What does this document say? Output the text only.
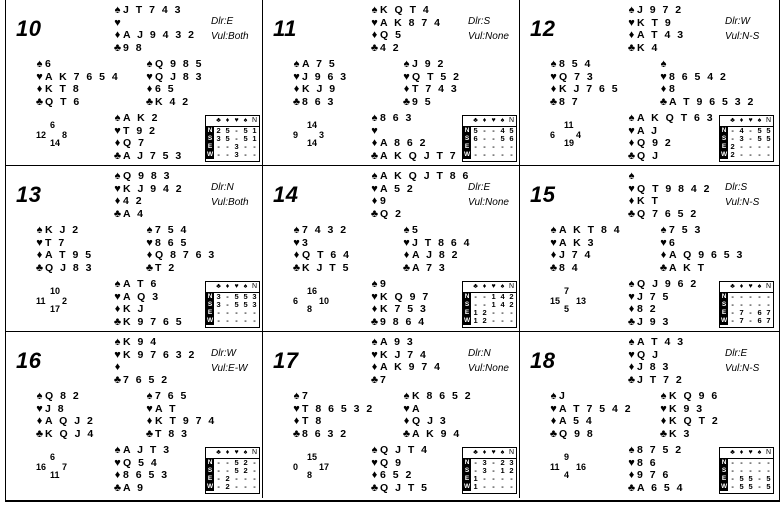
10	Dlr:E
Vul:Both
♠ J T 7 4 3
♥
♦ A J 9 4 3 2
♣ 9 8
♠ 6
♥ A K 7 6 5 4
♦ K T 8
♣ Q T 6
♠ Q 9 8 5
♥ Q J 8 3
♦ 6 5
♣ K 4 2
♠ A K 2
♥ T 9 2
♦ Q 7
♣ A J 7 5 3
6
12 8
14
♣ ♦ ♥ ♠ N
N 2 5 - 5 1
S 3 5 - 5 1
E - - 3 - -
W - - 3 - -
11	Dlr:S
Vul:None
♠ K Q T 4
♥ A K 8 7 4
♦ Q 5
♣ 4 2
♠ A 7 5
♥ J 9 6 3
♦ K J 9
♣ 8 6 3
♠ J 9 2
♥ Q T 5 2
♦ T 7 4 3
♣ 9 5
♠ 8 6 3
♥
♦ A 8 6 2
♣ A K Q J T 7
14
9 3
14
♣ ♦ ♥ ♠ N
N 5 - - 4 5
S 6 - - 5 6
E - - - - -
W - - - - -
12	Dlr:W
Vul:N-S
♠ J 9 7 2
♥ K T 9
♦ A T 4 3
♣ K 4
♠ 8 5 4
♥ Q 7 3
♦ K J 7 6 5
♣ 8 7
♠
♥ 8 6 5 4 2
♦ 8
♣ A T 9 6 5 3 2
♠ A K Q T 6 3
♥ A J
♦ Q 9 2
♣ Q J
11
6 4
19
♣ ♦ ♥ ♠ N
N - 4 - 5 5
S - 3 - 5 5
E 2 - - - -
W 2 - - - -
13	Dlr:N
Vul:Both
♠ Q 9 8 3
♥ K J 9 4 2
♦ 4 2
♣ A 4
♠ K J 2
♥ T 7
♦ A T 9 5
♣ Q J 8 3
♠ 7 5 4
♥ 8 6 5
♦ Q 8 7 6 3
♣ T 2
♠ A T 6
♥ A Q 3
♦ K J
♣ K 9 7 6 5
10
11 2
17
♣ ♦ ♥ ♠ N
N 3 - 5 5 3
S 3 - 5 5 3
E - - - - -
W - - - - -
14	Dlr:E
Vul:None
♠ A K Q J T 8 6
♥ A 5 2
♦ 9
♣ Q 2
♠ 7 4 3 2
♥ 3
♦ Q T 6 4
♣ K J T 5
♠ 5
♥ J T 8 6 4
♦ A J 8 2
♣ A 7 3
♠ 9
♥ K Q 9 7
♦ K 7 5 3
♣ 9 8 6 4
16
6 10
8
♣ ♦ ♥ ♠ N
N - - 1 4 2
S - - 1 4 2
E 1 2 - - -
W 1 2 - - -
15	Dlr:S
Vul:N-S
♠
♥ Q T 9 8 4 2
♦ K T
♣ Q 7 6 5 2
♠ A K T 8 4
♥ A K 3
♦ J 7 4
♣ 8 4
♠ 7 5 3
♥ 6
♦ A Q 9 6 5 3
♣ A K T
♠ Q J 9 6 2
♥ J 7 5
♦ 8 2
♣ J 9 3
7
15 13
5
♣ ♦ ♥ ♠ N
N - - - - -
S - - - - -
E - 7 - 6 7
W - 7 - 6 7
16	Dlr:W
Vul:E-W
♠ K 9 4
♥ K 9 7 6 3 2
♦
♣ 7 6 5 2
♠ Q 8 2
♥ J 8
♦ A Q J 2
♣ K Q J 4
♠ 7 6 5
♥ A T
♦ K T 9 7 4
♣ T 8 3
♠ A J T 3
♥ Q 5 4
♦ 8 6 5 3
♣ A 9
6
16 7
11
♣ ♦ ♥ ♠ N
N - - 5 2 -
S - - 5 2 -
E - 2 - - -
W - 2 - - -
17	Dlr:N
Vul:None
♠ A 9 3
♥ K J 7 4
♦ A K 9 7 4
♣ 7
♠ 7
♥ T 8 6 5 3 2
♦ T 8
♣ 8 6 3 2
♠ K 8 6 5 2
♥ A
♦ Q J 3
♣ A K 9 4
♠ Q J T 4
♥ Q 9
♦ 6 5 2
♣ Q J T 5
15
0 17
8
♣ ♦ ♥ ♠ N
N - 3 - 2 3
S - 3 - 1 2
E 1 - - - -
W 1 - - - -
18	Dlr:E
Vul:N-S
♠ A T 4 3
♥ Q J
♦ J 8 3
♣ J T 7 2
♠ J
♥ A T 7 5 4 2
♦ A 5 4
♣ Q 9 8
♠ K Q 9 6
♥ K 9 3
♦ K Q T 2
♣ K 3
♠ 8 7 5 2
♥ 8 6
♦ 9 7 6
♣ A 6 5 4
9
11 16
4
♣ ♦ ♥ ♠ N
N - - - - -
S - - - - -
E - 5 5 - 5
W - 5 5 - 5
